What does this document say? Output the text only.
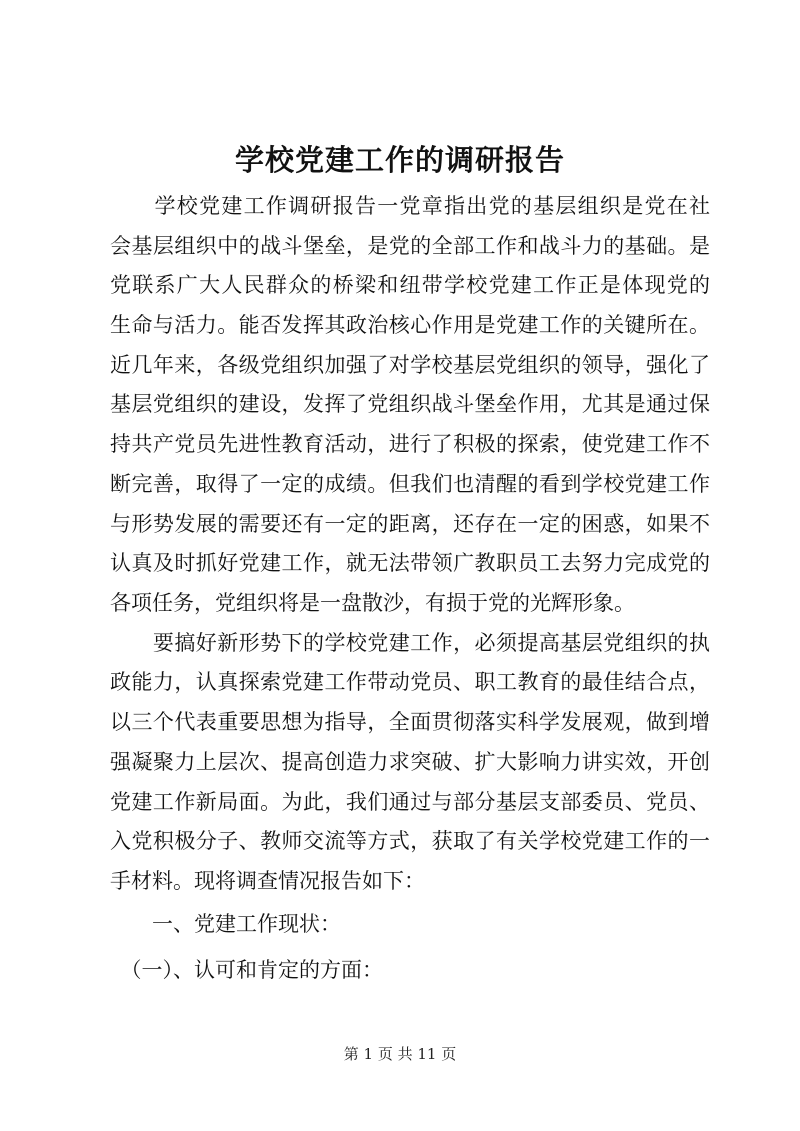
学校党建工作的调研报告
　　学校党建工作调研报告一党章指出党的基层组织是党在社
会基层组织中的战斗堡垒，是党的全部工作和战斗力的基础。是
党联系广大人民群众的桥梁和纽带学校党建工作正是体现党的
生命与活力。能否发挥其政治核心作用是党建工作的关键所在。
近几年来，各级党组织加强了对学校基层党组织的领导，强化了
基层党组织的建设，发挥了党组织战斗堡垒作用，尤其是通过保
持共产党员先进性教育活动，进行了积极的探索，使党建工作不
断完善，取得了一定的成绩。但我们也清醒的看到学校党建工作
与形势发展的需要还有一定的距离，还存在一定的困惑，如果不
认真及时抓好党建工作，就无法带领广教职员工去努力完成党的
各项任务，党组织将是一盘散沙，有损于党的光辉形象。
　　要搞好新形势下的学校党建工作，必须提高基层党组织的执
政能力，认真探索党建工作带动党员、职工教育的最佳结合点，
以三个代表重要思想为指导，全面贯彻落实科学发展观，做到增
强凝聚力上层次、提高创造力求突破、扩大影响力讲实效，开创
党建工作新局面。为此，我们通过与部分基层支部委员、党员、
入党积极分子、教师交流等方式，获取了有关学校党建工作的一
手材料。现将调查情况报告如下：
　　一、党建工作现状：
　（一）、认可和肯定的方面：
第 1 页 共 11 页
